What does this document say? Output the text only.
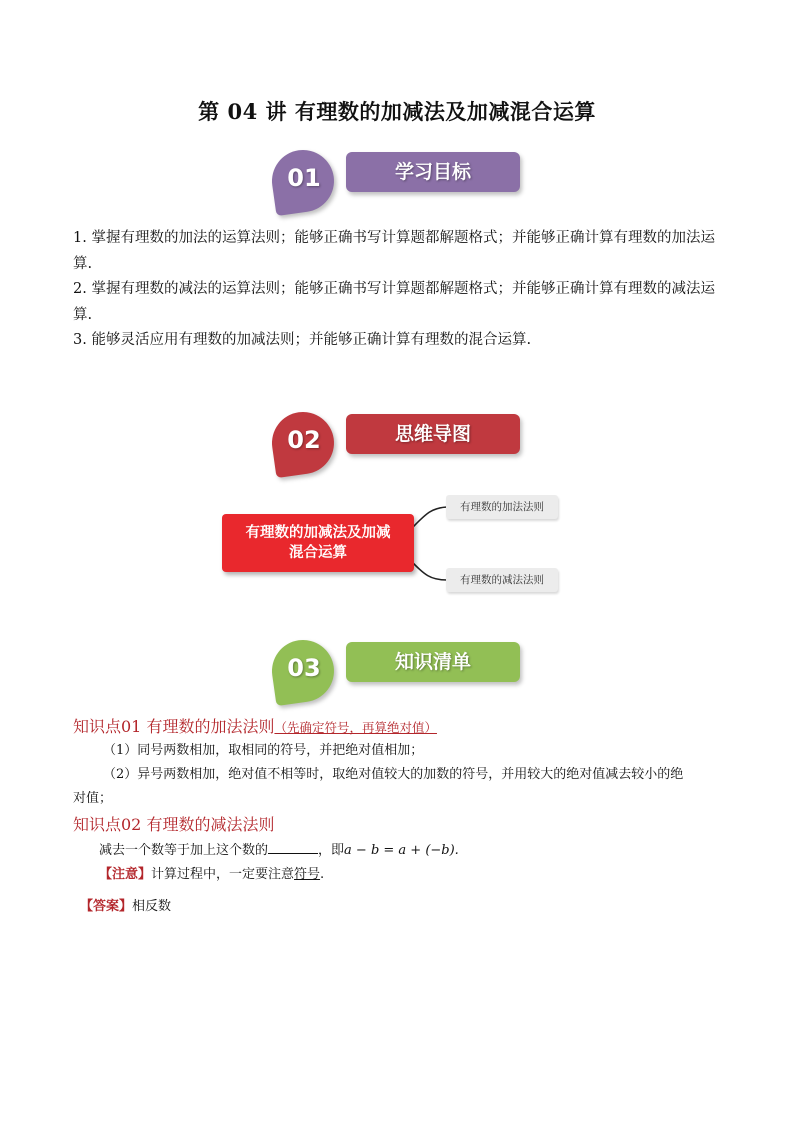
第 04 讲 有理数的加减法及加减混合运算
01	学习目标

1. 掌握有理数的加法的运算法则；能够正确书写计算题都解题格式；并能够正确计算有理数的加法运算.

2. 掌握有理数的减法的运算法则；能够正确书写计算题都解题格式；并能够正确计算有理数的减法运算.

3. 能够灵活应用有理数的加减法则；并能够正确计算有理数的混合运算.

02	思维导图
有理数的加减法及加减
混合运算
有理数的加法法则
有理数的减法法则
03	知识清单
知识点01 有理数的加法法则（先确定符号，再算绝对值）
（1）同号两数相加，取相同的符号，并把绝对值相加；
（2）异号两数相加，绝对值不相等时，取绝对值较大的加数的符号，并用较大的绝对值减去较小的绝
对值；
知识点02 有理数的减法法则
减去一个数等于加上这个数的	，即a − b = a + (−b).
【注意】计算过程中，一定要注意符号.
【答案】相反数
